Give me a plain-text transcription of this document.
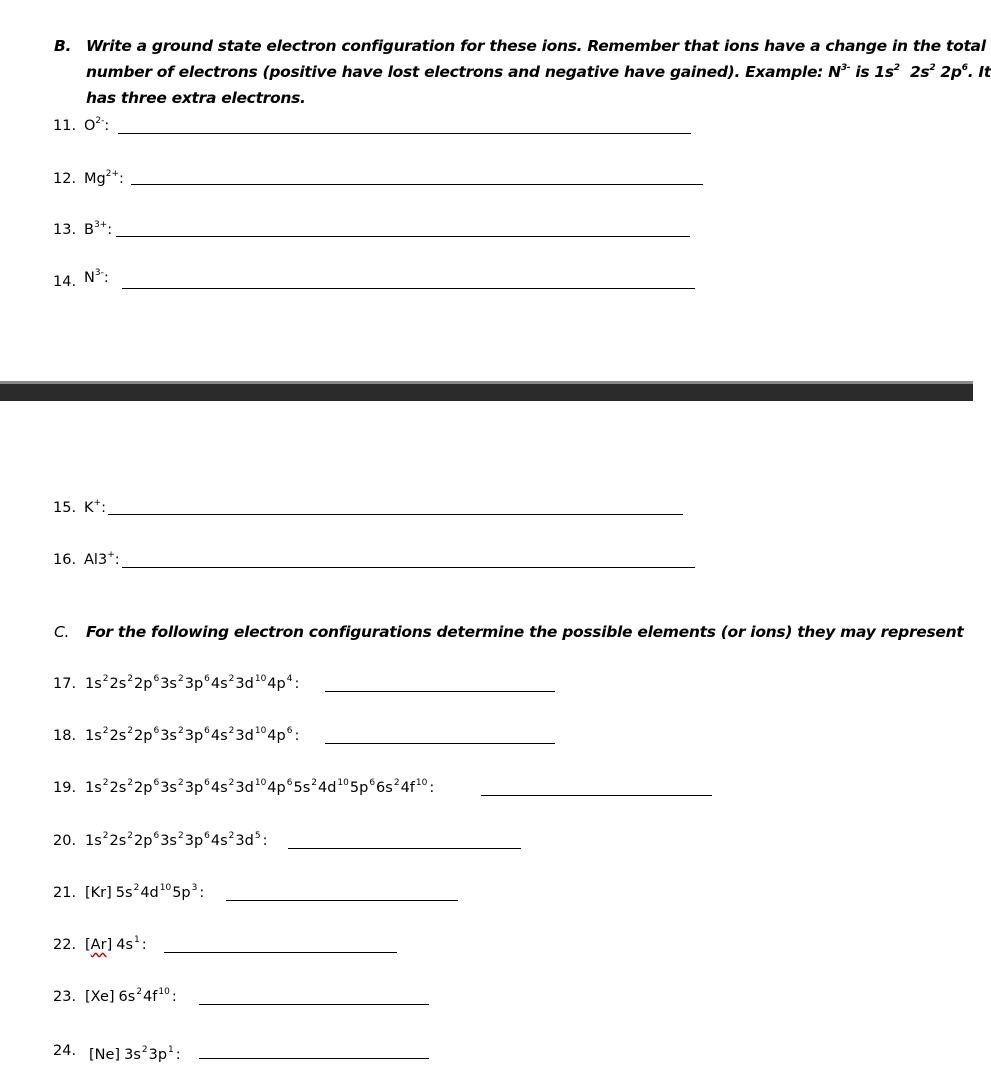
B. Write a ground state electron configuration for these ions. Remember that ions have a change in the total
number of electrons (positive have lost electrons and negative have gained). Example: $N^{3-}$ is $1s^2$  $2s^2$ $2p^6$. It
has three extra electrons.
11. $O^{2-}$:
12. $Mg^{2+}$:
13. $B^{3+}$:
14. $N^{3-}$:
15. K+:
16. Al3+:
C. For the following electron configurations determine the possible elements (or ions) they may represent
17. $1s^22s^22p^63s^23p^64s^23d^{10}4p^4$ :
18. $1s^22s^22p^63s^23p^64s^23d^{10}4p^6$ :
19. $1s^22s^22p^63s^23p^64s^23d^{10}4p^65s^24d^{10}5p^66s^24f^{10}$ :
20. $1s^22s^22p^63s^23p^64s^23d^5$ :
21. [Kr] $5s^24d^{10}5p^3$ :
22. [Ar] $4s^1$ :
23. [Xe] $6s^24f^{10}$ :
24. [Ne] $3s^23p^1$ :
